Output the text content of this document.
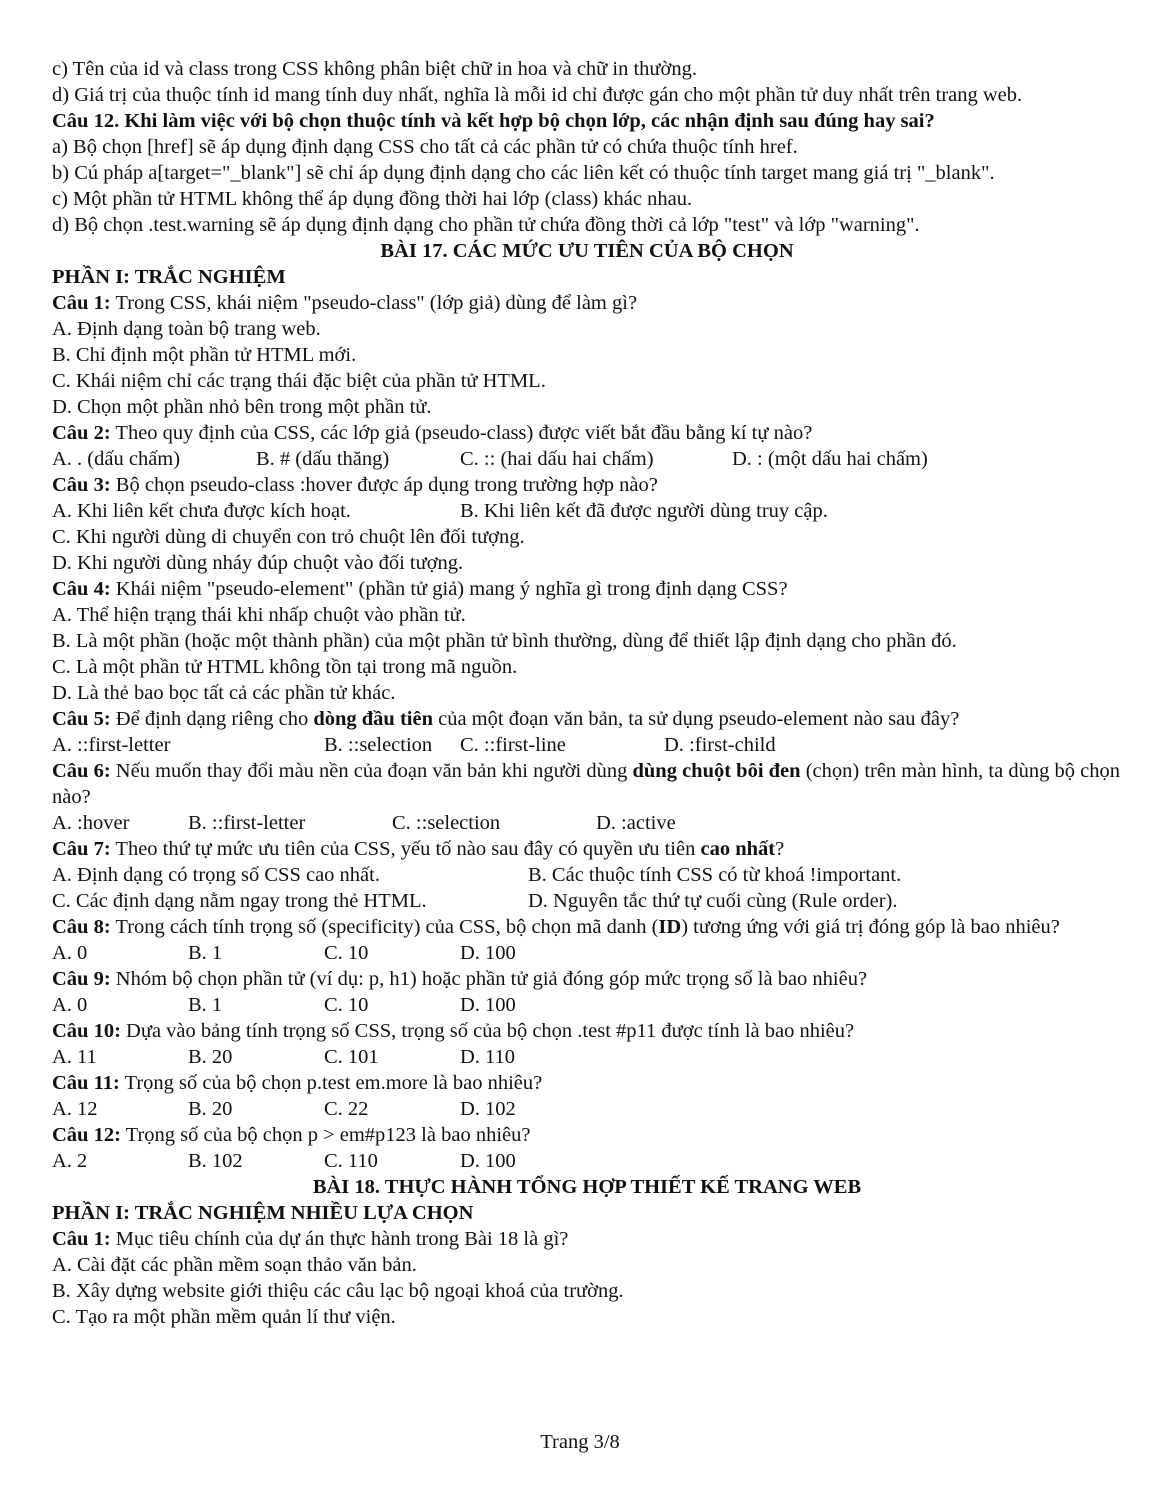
c) Tên của id và class trong CSS không phân biệt chữ in hoa và chữ in thường.
d) Giá trị của thuộc tính id mang tính duy nhất, nghĩa là mỗi id chỉ được gán cho một phần tử duy nhất trên trang web.
Câu 12. Khi làm việc với bộ chọn thuộc tính và kết hợp bộ chọn lớp, các nhận định sau đúng hay sai?
a) Bộ chọn [href] sẽ áp dụng định dạng CSS cho tất cả các phần tử có chứa thuộc tính href.
b) Cú pháp a[target="_blank"] sẽ chỉ áp dụng định dạng cho các liên kết có thuộc tính target mang giá trị "_blank".
c) Một phần tử HTML không thể áp dụng đồng thời hai lớp (class) khác nhau.
d) Bộ chọn .test.warning sẽ áp dụng định dạng cho phần tử chứa đồng thời cả lớp "test" và lớp "warning".
BÀI 17. CÁC MỨC ƯU TIÊN CỦA BỘ CHỌN
PHẦN I: TRẮC NGHIỆM
Câu 1: Trong CSS, khái niệm "pseudo-class" (lớp giả) dùng để làm gì?
A. Định dạng toàn bộ trang web.
B. Chỉ định một phần tử HTML mới.
C. Khái niệm chỉ các trạng thái đặc biệt của phần tử HTML.
D. Chọn một phần nhỏ bên trong một phần tử.
Câu 2: Theo quy định của CSS, các lớp giả (pseudo-class) được viết bắt đầu bằng kí tự nào?
A. . (dấu chấm)	B. # (dấu thăng)	C. :: (hai dấu hai chấm)	D. : (một dấu hai chấm)
Câu 3: Bộ chọn pseudo-class :hover được áp dụng trong trường hợp nào?
A. Khi liên kết chưa được kích hoạt.	B. Khi liên kết đã được người dùng truy cập.
C. Khi người dùng di chuyển con trỏ chuột lên đối tượng.
D. Khi người dùng nháy đúp chuột vào đối tượng.
Câu 4: Khái niệm "pseudo-element" (phần tử giả) mang ý nghĩa gì trong định dạng CSS?
A. Thể hiện trạng thái khi nhấp chuột vào phần tử.
B. Là một phần (hoặc một thành phần) của một phần tử bình thường, dùng để thiết lập định dạng cho phần đó.
C. Là một phần tử HTML không tồn tại trong mã nguồn.
D. Là thẻ bao bọc tất cả các phần tử khác.
Câu 5: Để định dạng riêng cho dòng đầu tiên của một đoạn văn bản, ta sử dụng pseudo-element nào sau đây?
A. ::first-letter	B. ::selection C. ::first-line	D. :first-child
Câu 6: Nếu muốn thay đổi màu nền của đoạn văn bản khi người dùng dùng chuột bôi đen (chọn) trên màn hình, ta dùng bộ chọn nào?
A. :hover	B. ::first-letter	C. ::selection	D. :active
Câu 7: Theo thứ tự mức ưu tiên của CSS, yếu tố nào sau đây có quyền ưu tiên cao nhất?
A. Định dạng có trọng số CSS cao nhất.	B. Các thuộc tính CSS có từ khoá !important.
C. Các định dạng nằm ngay trong thẻ HTML.	D. Nguyên tắc thứ tự cuối cùng (Rule order).
Câu 8: Trong cách tính trọng số (specificity) của CSS, bộ chọn mã danh (ID) tương ứng với giá trị đóng góp là bao nhiêu?
A. 0	B. 1	C. 10	D. 100
Câu 9: Nhóm bộ chọn phần tử (ví dụ: p, h1) hoặc phần tử giả đóng góp mức trọng số là bao nhiêu?
A. 0	B. 1	C. 10	D. 100
Câu 10: Dựa vào bảng tính trọng số CSS, trọng số của bộ chọn .test #p11 được tính là bao nhiêu?
A. 11	B. 20	C. 101	D. 110
Câu 11: Trọng số của bộ chọn p.test em.more là bao nhiêu?
A. 12	B. 20	C. 22	D. 102
Câu 12: Trọng số của bộ chọn p > em#p123 là bao nhiêu?
A. 2	B. 102	C. 110	D. 100
BÀI 18. THỰC HÀNH TỔNG HỢP THIẾT KẾ TRANG WEB
PHẦN I: TRẮC NGHIỆM NHIỀU LỰA CHỌN
Câu 1: Mục tiêu chính của dự án thực hành trong Bài 18 là gì?
A. Cài đặt các phần mềm soạn thảo văn bản.
B. Xây dựng website giới thiệu các câu lạc bộ ngoại khoá của trường.
C. Tạo ra một phần mềm quản lí thư viện.
Trang 3/8
